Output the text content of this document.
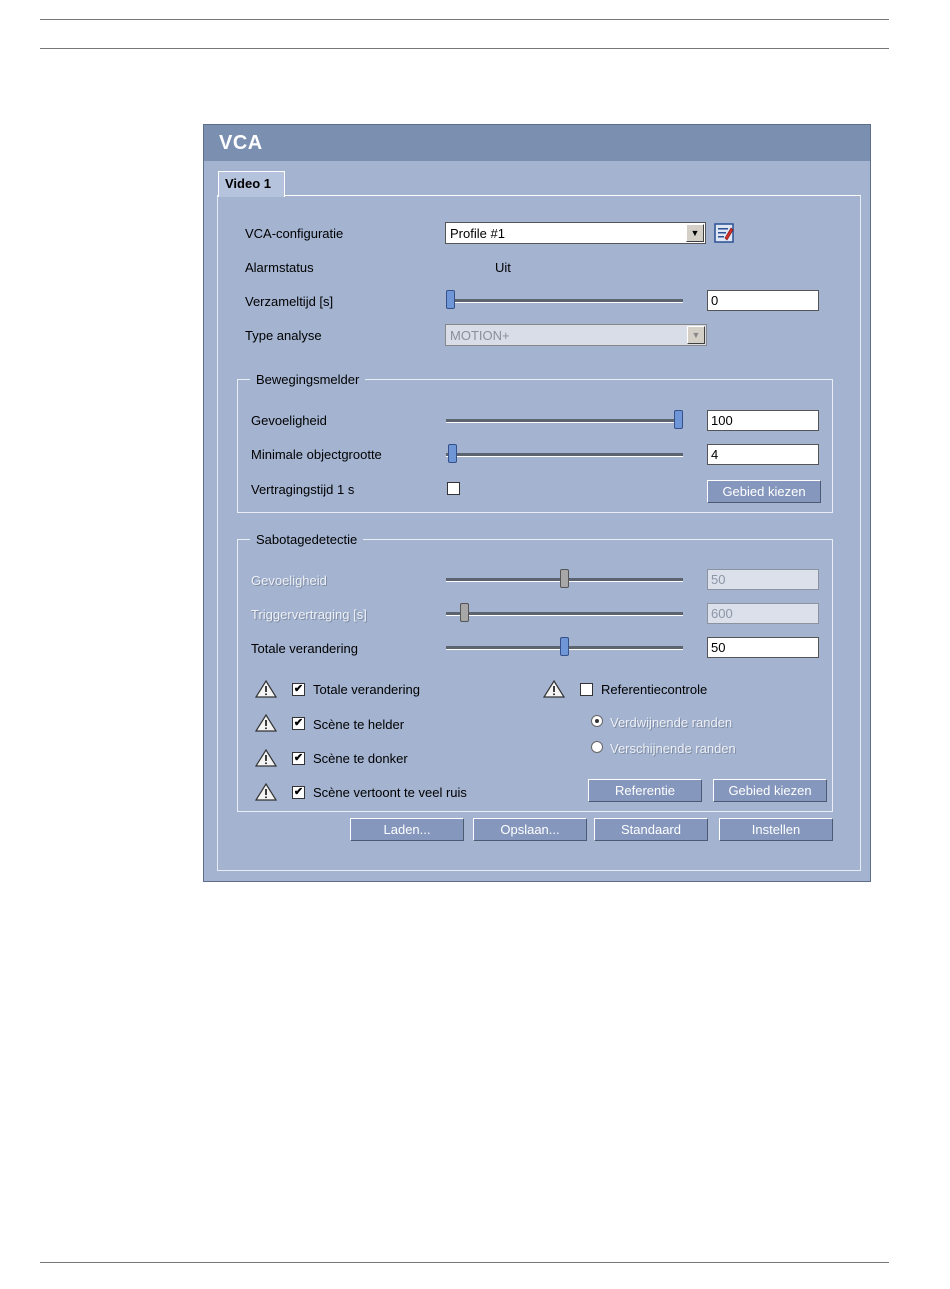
VCA
Video 1
VCA-configuratie	Profile #1	▼
Alarmstatus	Uit
Verzameltijd [s]	0
Type analyse	MOTION+	▼
Bewegingsmelder
Gevoeligheid	100
Minimale objectgrootte	4
Vertragingstijd 1 s	Gebied kiezen
Sabotagedetectie
Gevoeligheid	50
Triggervertraging [s]	600
Totale verandering	50
✔ Totale verandering
✔ Scène te helder
✔ Scène te donker
✔ Scène vertoont te veel ruis
Referentiecontrole
Verdwijnende randen
Verschijnende randen
Referentie	Gebied kiezen
Laden...	Opslaan...	Standaard	Instellen
